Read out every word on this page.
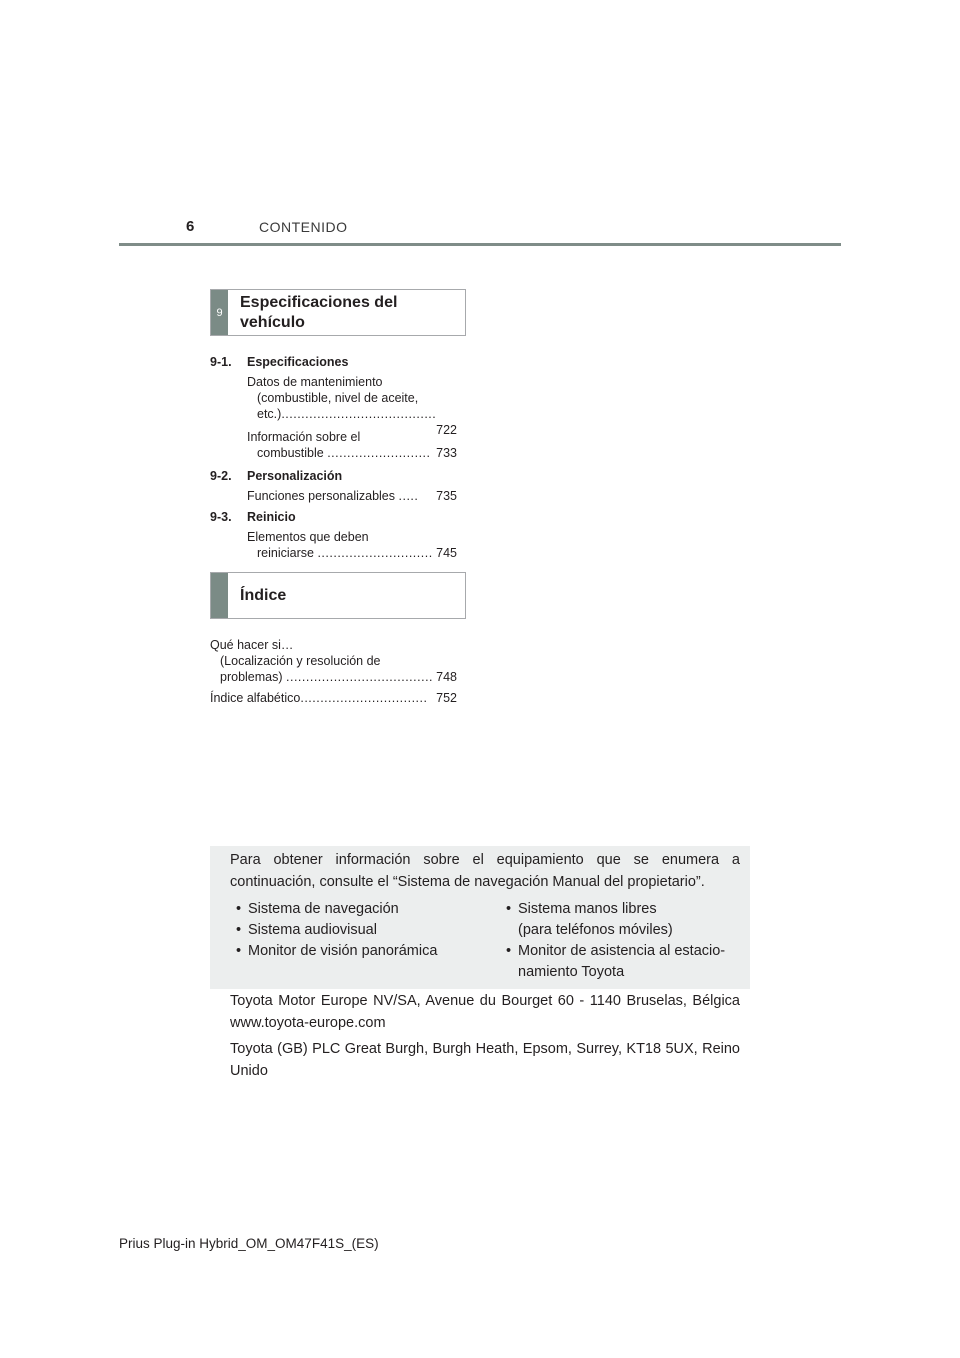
6	CONTENIDO
9
Especificaciones del
vehículo
9-1. Especificaciones
Datos de mantenimiento
(combustible, nivel de aceite,
etc.).......................................
722
Información sobre el
combustible .......................... 733
9-2. Personalización
Funciones personalizables ..... 735
9-3. Reinicio
Elementos que deben
reiniciarse ............................. 745
Índice
Qué hacer si…
(Localización y resolución de
problemas) ..................................... 748
Índice alfabético................................ 752
Para obtener información sobre el equipamiento que se enumera a continuación, consulte el “Sistema de navegación Manual del propietario”.
• Sistema de navegación
• Sistema audiovisual
• Monitor de visión panorámica
• Sistema manos libres
(para teléfonos móviles)
• Monitor de asistencia al estacio-
namiento Toyota
Toyota Motor Europe NV/SA, Avenue du Bourget 60 - 1140 Bruselas, Bélgica www.toyota-europe.com
Toyota (GB) PLC Great Burgh, Burgh Heath, Epsom, Surrey, KT18 5UX, Reino Unido
Prius Plug-in Hybrid_OM_OM47F41S_(ES)
